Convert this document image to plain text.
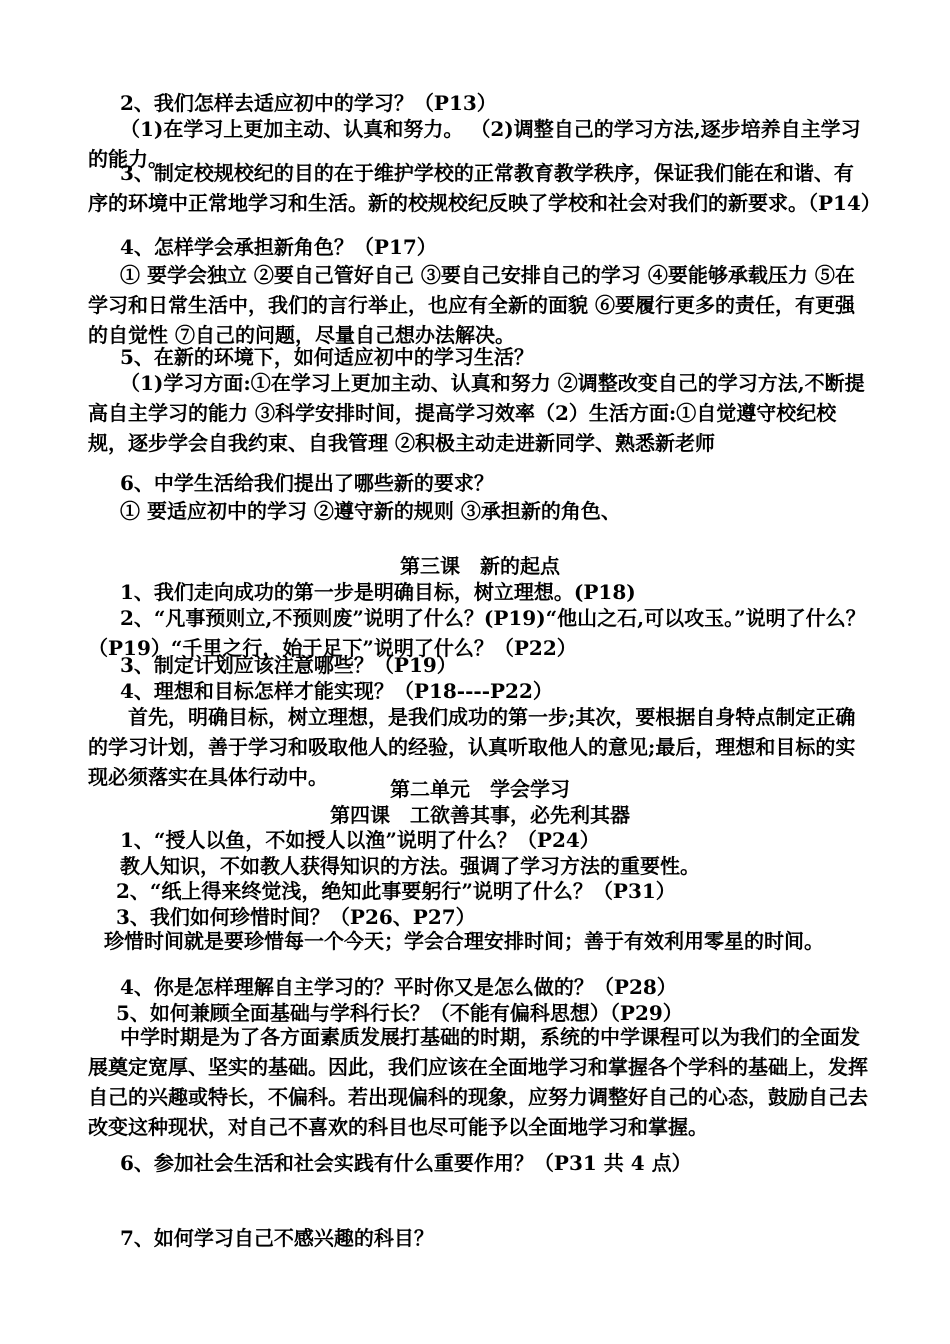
2、我们怎样去适应初中的学习？（P13）
（1)在学习上更加主动、认真和努力。 （2)调整自己的学习方法,逐步培养自主学习的能力。
3、制定校规校纪的目的在于维护学校的正常教育教学秩序，保证我们能在和谐、有序的环境中正常地学习和生活。新的校规校纪反映了学校和社会对我们的新要求。（P14）
4、怎样学会承担新角色？（P17）
① 要学会独立 ②要自己管好自己 ③要自己安排自己的学习 ④要能够承载压力 ⑤在学习和日常生活中，我们的言行举止，也应有全新的面貌 ⑥要履行更多的责任，有更强的自觉性 ⑦自己的问题，尽量自己想办法解决。
5、在新的环境下，如何适应初中的学习生活？
（1)学习方面:①在学习上更加主动、认真和努力 ②调整改变自己的学习方法,不断提高自主学习的能力 ③科学安排时间，提高学习效率（2）生活方面:①自觉遵守校纪校规，逐步学会自我约束、自我管理 ②积极主动走进新同学、熟悉新老师
6、中学生活给我们提出了哪些新的要求？
① 要适应初中的学习 ②遵守新的规则 ③承担新的角色、
第三课　新的起点
1、我们走向成功的第一步是明确目标，树立理想。(P18)
2、“凡事预则立,不预则废”说明了什么？(P19)“他山之石,可以攻玉。”说明了什么？（P19）“千里之行，始于足下”说明了什么？（P22）
3、制定计划应该注意哪些？（P19）
4、理想和目标怎样才能实现？（P18----P22）
首先，明确目标，树立理想，是我们成功的第一步;其次，要根据自身特点制定正确的学习计划，善于学习和吸取他人的经验，认真听取他人的意见;最后，理想和目标的实现必须落实在具体行动中。	第二单元　学会学习
第四课　工欲善其事，必先利其器
1、“授人以鱼，不如授人以渔”说明了什么？（P24）
教人知识，不如教人获得知识的方法。强调了学习方法的重要性。
2、“纸上得来终觉浅，绝知此事要躬行”说明了什么？（P31）
3、我们如何珍惜时间？（P26、P27）
珍惜时间就是要珍惜每一个今天；学会合理安排时间；善于有效利用零星的时间。
4、你是怎样理解自主学习的？平时你又是怎么做的？（P28）
5、如何兼顾全面基础与学科行长？（不能有偏科思想）（P29）
中学时期是为了各方面素质发展打基础的时期，系统的中学课程可以为我们的全面发展奠定宽厚、坚实的基础。因此，我们应该在全面地学习和掌握各个学科的基础上，发挥自己的兴趣或特长，不偏科。若出现偏科的现象，应努力调整好自己的心态，鼓励自己去改变这种现状，对自己不喜欢的科目也尽可能予以全面地学习和掌握。
6、参加社会生活和社会实践有什么重要作用？（P31 共 4 点）
7、如何学习自己不感兴趣的科目？
